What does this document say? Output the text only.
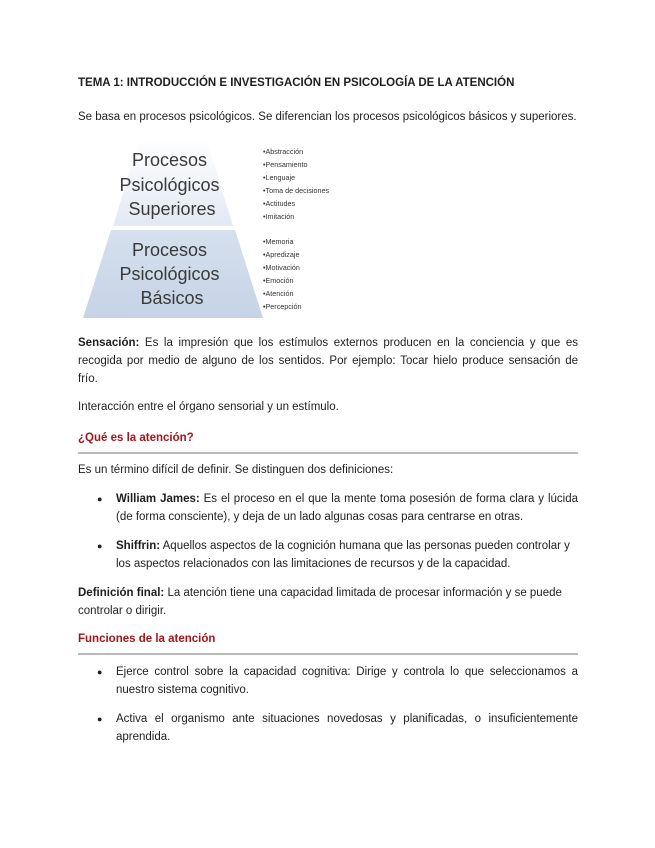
TEMA 1: INTRODUCCIÓN E INVESTIGACIÓN EN PSICOLOGÍA DE LA ATENCIÓN
Se basa en procesos psicológicos. Se diferencian los procesos psicológicos básicos y superiores.
Procesos Psicológicos Superiores
Procesos Psicológicos Básicos
•Abstracción
•Pensamiento
•Lenguaje
•Toma de decisiones
•Actitudes
•Imitación
•Memoria
•Apredizaje
•Motivación
•Emoción
•Atención
•Percepción
Sensación: Es la impresión que los estímulos externos producen en la conciencia y que es recogida por medio de alguno de los sentidos. Por ejemplo: Tocar hielo produce sensación de frío.
Interacción entre el órgano sensorial y un estímulo.
¿Qué es la atención?
Es un término difícil de definir. Se distinguen dos definiciones:
● William James: Es el proceso en el que la mente toma posesión de forma clara y lúcida (de forma consciente), y deja de un lado algunas cosas para centrarse en otras.
● Shiffrin: Aquellos aspectos de la cognición humana que las personas pueden controlar y los aspectos relacionados con las limitaciones de recursos y de la capacidad.
Definición final: La atención tiene una capacidad limitada de procesar información y se puede controlar o dirigir.
Funciones de la atención
● Ejerce control sobre la capacidad cognitiva: Dirige y controla lo que seleccionamos a nuestro sistema cognitivo.
● Activa el organismo ante situaciones novedosas y planificadas, o insuficientemente aprendida.
